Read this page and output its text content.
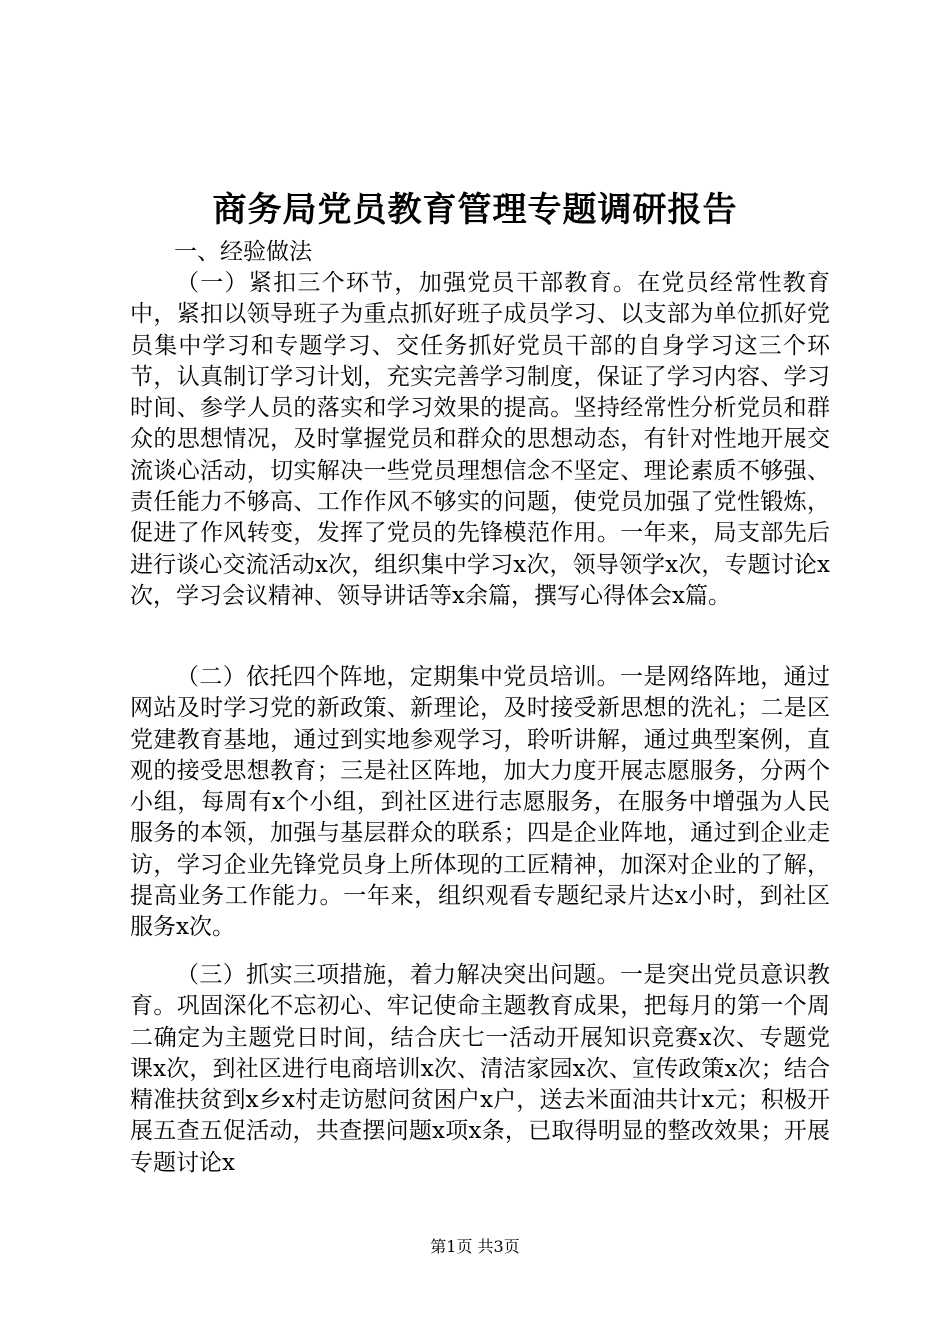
商务局党员教育管理专题调研报告

一、经验做法

（一）紧扣三个环节，加强党员干部教育。在党员经常性教育中，紧扣以领导班子为重点抓好班子成员学习、以支部为单位抓好党员集中学习和专题学习、交任务抓好党员干部的自身学习这三个环节，认真制订学习计划，充实完善学习制度，保证了学习内容、学习时间、参学人员的落实和学习效果的提高。坚持经常性分析党员和群众的思想情况，及时掌握党员和群众的思想动态，有针对性地开展交流谈心活动，切实解决一些党员理想信念不坚定、理论素质不够强、责任能力不够高、工作作风不够实的问题，使党员加强了党性锻炼，促进了作风转变，发挥了党员的先锋模范作用。一年来，局支部先后进行谈心交流活动x次，组织集中学习x次，领导领学x次，专题讨论x次，学习会议精神、领导讲话等x余篇，撰写心得体会x篇。

（二）依托四个阵地，定期集中党员培训。一是网络阵地，通过网站及时学习党的新政策、新理论，及时接受新思想的洗礼；二是区党建教育基地，通过到实地参观学习，聆听讲解，通过典型案例，直观的接受思想教育；三是社区阵地，加大力度开展志愿服务，分两个小组，每周有x个小组，到社区进行志愿服务，在服务中增强为人民服务的本领，加强与基层群众的联系；四是企业阵地，通过到企业走访，学习企业先锋党员身上所体现的工匠精神，加深对企业的了解，提高业务工作能力。一年来，组织观看专题纪录片达x小时，到社区服务x次。

（三）抓实三项措施，着力解决突出问题。一是突出党员意识教育。巩固深化不忘初心、牢记使命主题教育成果，把每月的第一个周二确定为主题党日时间，结合庆七一活动开展知识竞赛x次、专题党课x次，到社区进行电商培训x次、清洁家园x次、宣传政策x次；结合精准扶贫到x乡x村走访慰问贫困户x户，送去米面油共计x元；积极开展五查五促活动，共查摆问题x项x条，已取得明显的整改效果；开展专题讨论x

第1页 共3页
